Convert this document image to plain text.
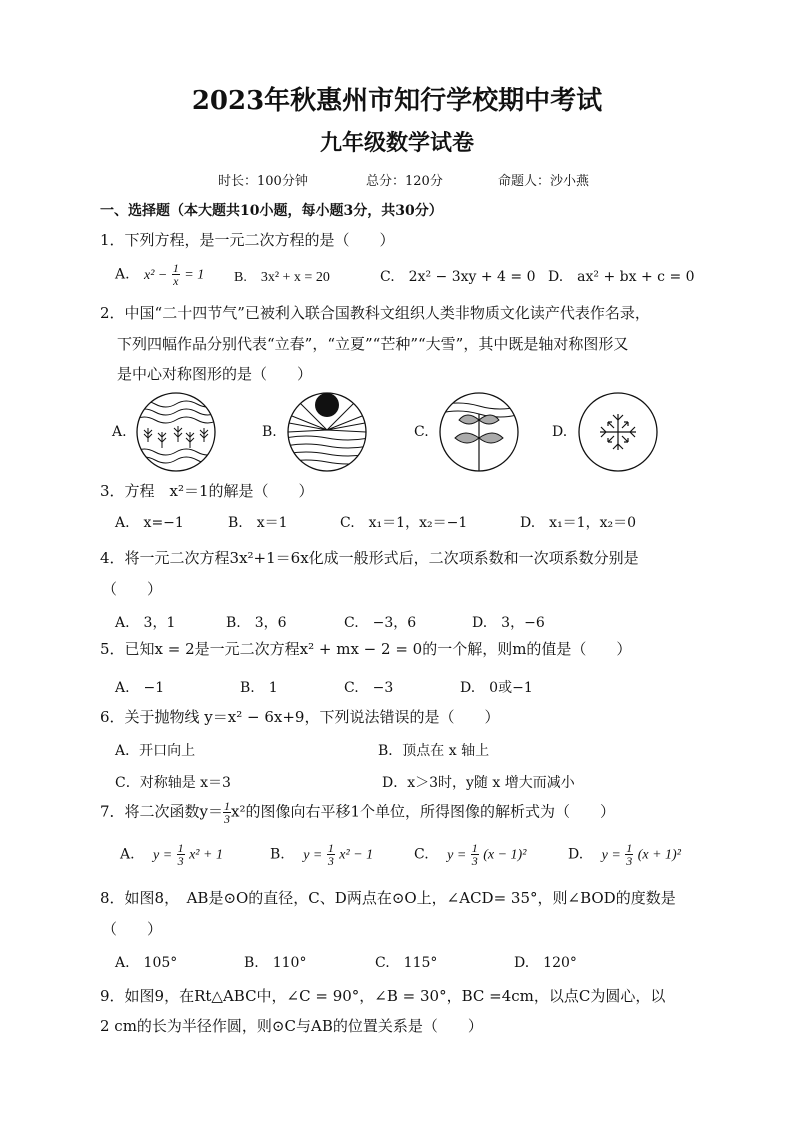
2023年秋惠州市知行学校期中考试
九年级数学试卷
时长：100分钟	总分：120分	命题人：沙小燕
一、选择题（本大题共10小题，每小题3分，共30分）
1．下列方程，是一元二次方程的是（　　）
A. $x^2 - \frac{1}{x} = 1$ B.　3x² + x = 20	C.　2x² − 3xy + 4 = 0 D.　ax² + bx + c = 0
2．中国“二十四节气”已被利入联合国教科文组织人类非物质文化读产代表作名录，
下列四幅作品分别代表“立春”，“立夏”“芒种”“大雪”，其中既是轴对称图形又
是中心对称图形的是（　　）
A.	B.	C.	D.
3．方程　x²＝1的解是（　　）
A.　x=−1	B.　x＝1	C.　x₁＝1，x₂＝−1	D.　x₁＝1，x₂＝0
4．将一元二次方程3x²+1＝6x化成一般形式后，二次项系数和一次项系数分别是
（　　）
A.　3，1	B.　3，6	C.　−3，6	D.　3，−6
5．已知x = 2是一元二次方程x² + mx − 2 = 0的一个解，则m的值是（　　）
A.　−1	B.　1	C.　−3	D.　0或−1
6．关于抛物线 y＝x² − 6x+9，下列说法错误的是（　　）
A．开口向上	B．顶点在 x 轴上
C．对称轴是 x＝3	D．x＞3时，y随 x 增大而减小
7．将二次函数$y= \frac{1}{3} x^2$的图像向右平移1个单位，所得图像的解析式为（　　）
A. $y = \frac{1}{3} x^2 + 1$	B. $y = \frac{1}{3} x^2 - 1$	C. $y = \frac{1}{3} (x - 1)^2$	D. $y = \frac{1}{3} (x + 1)^2$
8．如图8，　AB是⊙O的直径，C、D两点在⊙O上，∠ACD= 35°，则∠BOD的度数是
（　　）
A.　105°	B.　110°	C.　115°	D.　120°
9．如图9，在Rt△ABC中，∠C = 90°，∠B = 30°，BC =4cm，以点C为圆心，以
2 cm的长为半径作圆，则⊙C与AB的位置关系是（　　）
